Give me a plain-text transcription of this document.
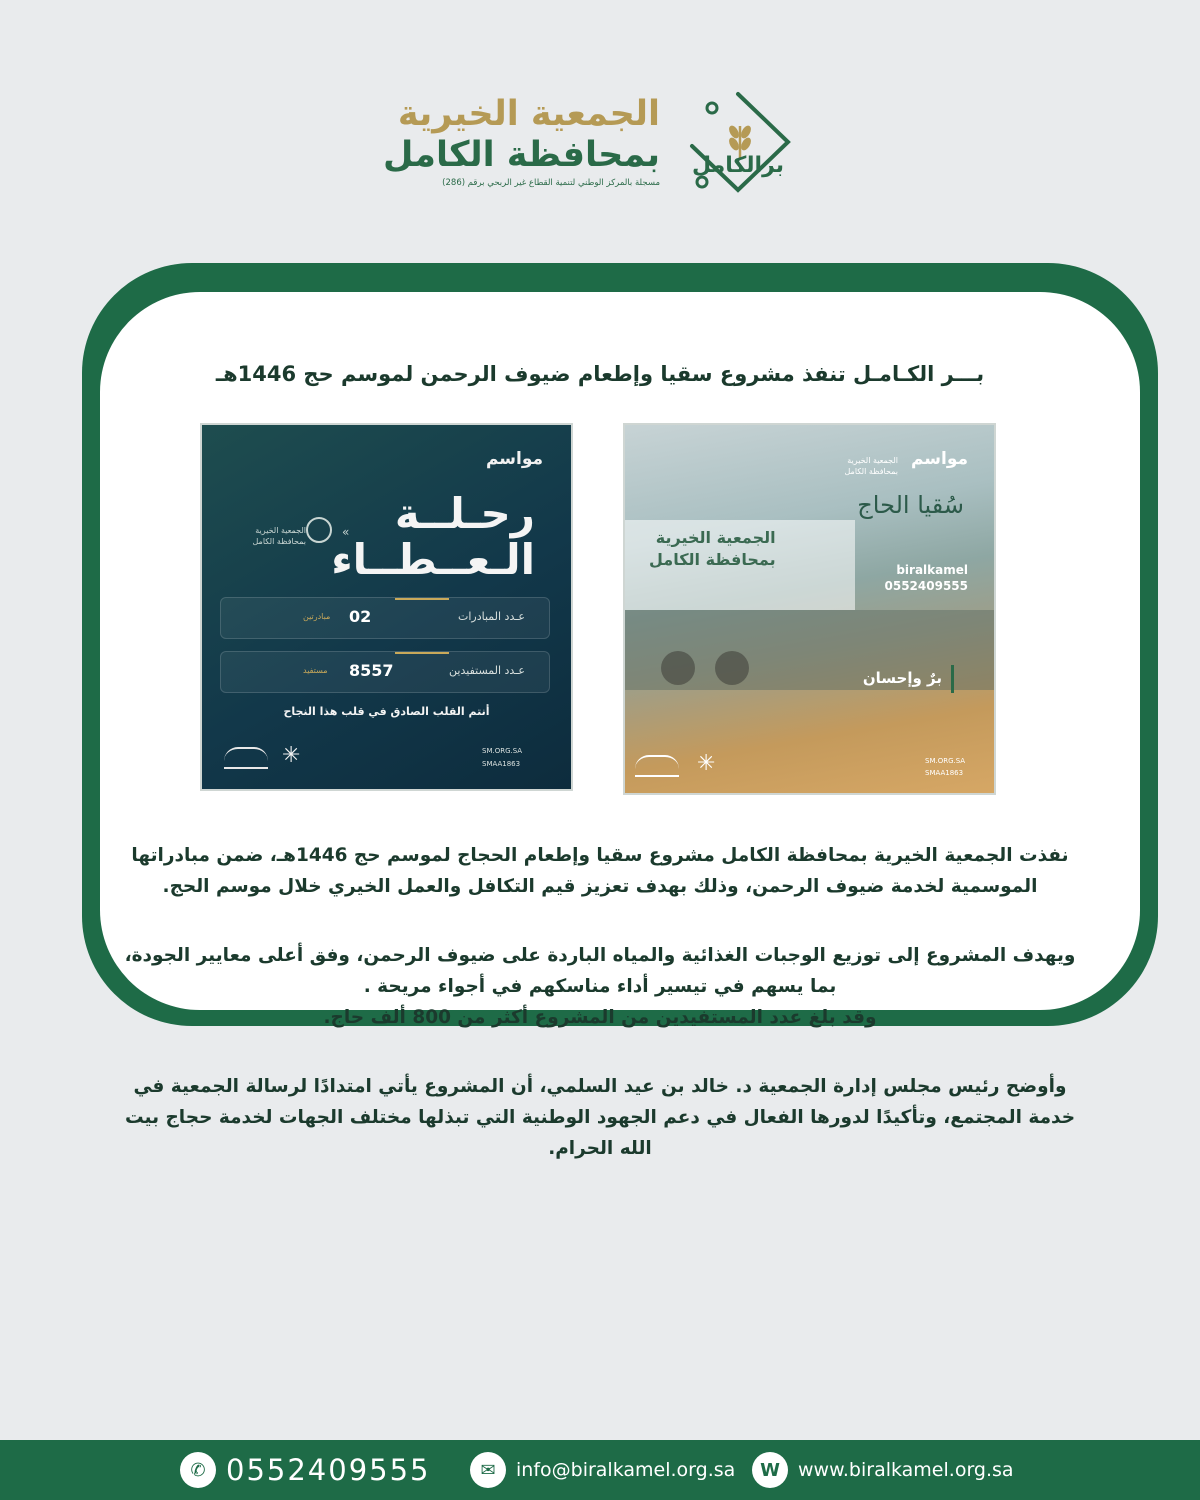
برالكامل
الجمعية الخيرية
بمحافظة الكامل
مسجلة بالمركز الوطني لتنمية القطاع غير الربحي برقم (286)
بـــر الكـامـل تنفذ مشروع سقيا وإطعام ضيوف الرحمن لموسم حج 1446هـ
مواسم
رحـلــة
الـعــطــاء
«
الجمعية الخيرية
بمحافظة الكامل
عـدد المبادرات
02
مبادرتين
عـدد المستفيدين
8557
مستفيد
أنتم القلب الصادق في قلب هذا النجاح
✳	SM.ORG.SA
SMAA1863
الجمعية الخيرية
بمحافظة الكامل
مواسم
الجمعية الخيرية
بمحافظة الكامل
سُقيا الحاج
biralkamel
0552409555
برٌ وإحسان
✳	SM.ORG.SA
SMAA1863

نفذت الجمعية الخيرية بمحافظة الكامل مشروع سقيا وإطعام الحجاج لموسم حج 1446هـ، ضمن مبادراتها الموسمية لخدمة ضيوف الرحمن، وذلك بهدف تعزيز قيم التكافل والعمل الخيري خلال موسم الحج.

ويهدف المشروع إلى توزيع الوجبات الغذائية والمياه الباردة على ضيوف الرحمن، وفق أعلى معايير الجودة، بما يسهم في تيسير أداء مناسكهم في أجواء مريحة .

وقد بلغ عدد المستفيدين من المشروع أكثر من 800 ألف حاج.

وأوضح رئيس مجلس إدارة الجمعية د. خالد بن عيد السلمي، أن المشروع يأتي امتدادًا لرسالة الجمعية في خدمة المجتمع، وتأكيدًا لدورها الفعال في دعم الجهود الوطنية التي تبذلها مختلف الجهات لخدمة حجاج بيت الله الحرام.

✆ 0552409555	✉	info@biralkamel.org.sa	W www.biralkamel.org.sa
